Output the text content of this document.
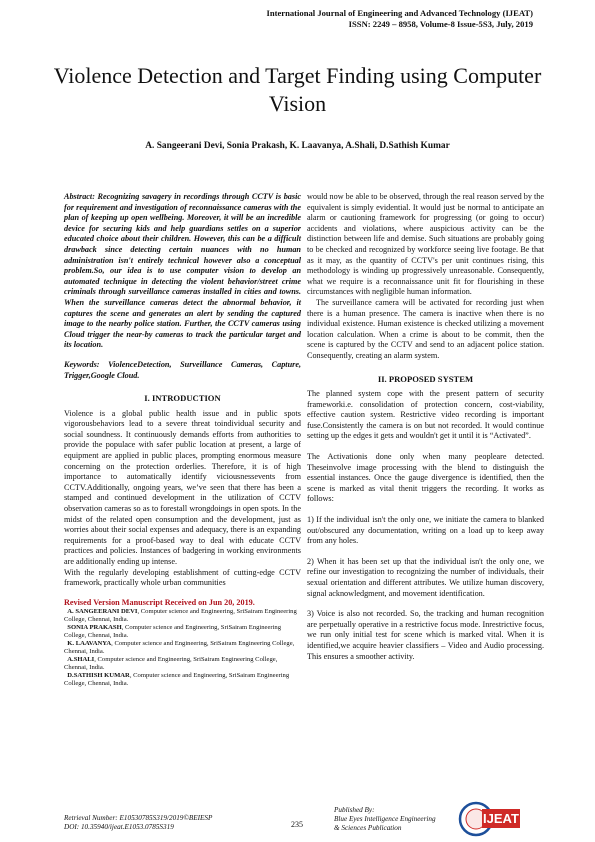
International Journal of Engineering and Advanced Technology (IJEAT)
ISSN: 2249 – 8958, Volume-8 Issue-5S3, July, 2019
Violence Detection and Target Finding using Computer Vision
A. Sangeerani Devi, Sonia Prakash, K. Laavanya, A.Shali, D.Sathish Kumar

Abstract: Recognizing savagery in recordings through CCTV is basic for requirement and investigation of reconnaissance cameras with the plan of keeping up open wellbeing. Moreover, it will be an incredible device for securing kids and help guardians settles on a superior educated choice about their children. However, this can be a difficult drawback since detecting certain nuances with no human administration isn't entirely technical however also a conceptual problem.So, our idea is to use computer vision to develop an automated technique in detecting the violent behavior/street crime criminals through surveillance cameras installed in cities and towns. When the surveillance cameras detect the abnormal behavior, it captures the scene and generates an alert by sending the captured image to the nearby police station. Further, the CCTV cameras using Cloud trigger the near-by cameras to track the particular target and its location.

Keywords: ViolenceDetection, Surveillance Cameras, Capture, Trigger,Google Cloud.

I. INTRODUCTION

Violence is a global public health issue and in public spots vigorousbehaviors lead to a severe threat toindividual security and social soundness. It continuously demands efforts from authorities to provide the populace with safer public location at present, a large of equipment are applied in public places, prompting enormous measure concerning on the protection orderlies. Therefore, it is of high importance to automatically identify viciousnessevents from CCTV.Additionally, ongoing years, we’ve seen that there has been a stamped and continued development in the utilization of CCTV observation cameras so as to forestall wrongdoings in open spots. In the midst of the related open consumption and the development, just as worries about their social expenses and adequacy, there is an expanding requirements for a proof-based way to deal with educate CCTV practices and policies. Instances of badgering in working environments are additionally ending up intense.

With the regularly developing establishment of cutting-edge CCTV framework, practically whole urban communities

Revised Version Manuscript Received on Jun 20, 2019.

A. SANGEERANI DEVI, Computer science and Engineering, SriSairam Engineering College, Chennai, India.

SONIA PRAKASH, Computer science and Engineering, SriSairam Engineering College, Chennai, India.

K. LAAVANYA, Computer science and Engineering, SriSairam Engineering College, Chennai, India.

A.SHALI, Computer science and Engineering, SriSairam Engineering College, Chennai, India.

D.SATHISH KUMAR, Computer science and Engineering, SriSairam Engineering College, Chennai, India.

would now be able to be observed, through the real reason served by the equivalent is simply evidential. It would just be normal to anticipate an alarm or cautioning framework for progressing (or going to occur) accidents and violations, where auspicious activity can be the distinction between life and demise. Such situations are probably going to be checked and recognized by workforce seeing live footage. Be that as it may, as the quantity of CCTV's per unit continues rising, this methodology is winding up progressively unreasonable. Consequently, what we require is a reconnaissance unit fit for flourishing in these circumstances with negligible human information.

The surveillance camera will be activated for recording just when there is a human presence. The camera is inactive when there is no individual existence. Human existence is checked utilizing a movement location calculation. When a crime is about to be commit, then the scene is captured by the CCTV and send to an adjacent police station. Consequently, creating an alarm system.

II. PROPOSED SYSTEM

The planned system cope with the present pattern of security frameworki.e. consolidation of protection concern, cost-viability, effective caution system. Restrictive video recording is important fuse.Consistently the camera is on but not recorded. It would continue setting up the edges it gets and wouldn't get it until it is “Activated”.

The Activationis done only when many peopleare detected. Theseinvolve image processing with the blend to distinguish the essential instances. Once the gauge divergence is identified, then the scene is marked as vital thenit triggers the recording. It works as follows:

1) If the individual isn't the only one, we initiate the camera to blanked out/obscured any documentation, writing on a load up to keep away from any holes.

2) When it has been set up that the individual isn't the only one, we refine our investigation to recognizing the number of individuals, their sexual orientation and different attributes. We utilize human discovery, signal acknowledgment, and movement identification.

3) Voice is also not recorded. So, the tracking and human recognition are perpetually operative in a restrictive focus mode. Inrestrictive focus, we run only initial test for scene which is marked vital. When it is identified,we acquire heavier classifiers – Video and Audio processing. This ensures a smoother activity.

Retrieval Number: E10530785S319/2019©BEIESP
DOI: 10.35940/ijeat.E1053.0785S319	235
Published By:
Blue Eyes Intelligence Engineering
& Sciences Publication
IJEAT
